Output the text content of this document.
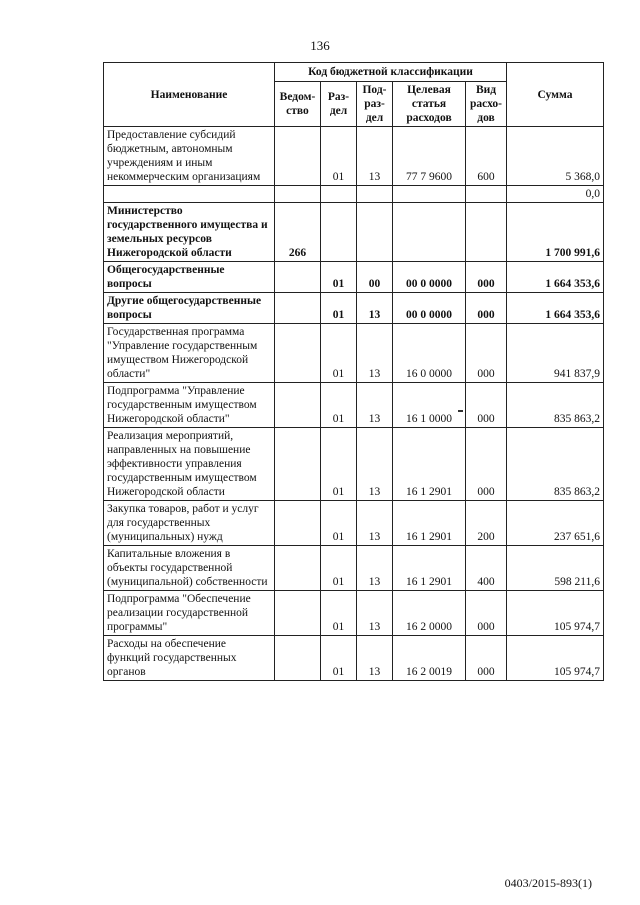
136
Наименование	Код бюджетной классификации					Сумма
	Ведом-ство	Раз-дел	Под-раз-дел	Целевая статья расходов	Вид расхо-дов	
Предоставление субсидий бюджетным, автономным учреждениям и иным некоммерческим организациям		01	13	77 7 9600	600	5 368,0
						0,0
Министерство государственного имущества и земельных ресурсов Нижегородской области	266					1 700 991,6
Общегосударственные вопросы		01	00	00 0 0000	000	1 664 353,6
Другие общегосударственные вопросы		01	13	00 0 0000	000	1 664 353,6
Государственная программа "Управление государственным имуществом Нижегородской области"		01	13	16 0 0000	000	941 837,9
Подпрограмма "Управление государственным имуществом Нижегородской области"		01	13	16 1 0000	000	835 863,2
Реализация мероприятий, направленных на повышение эффективности управления государственным имуществом Нижегородской области		01	13	16 1 2901	000	835 863,2
Закупка товаров, работ и услуг для государственных (муниципальных) нужд		01	13	16 1 2901	200	237 651,6
Капитальные вложения в объекты государственной (муниципальной) собственности		01	13	16 1 2901	400	598 211,6
Подпрограмма "Обеспечение реализации государственной программы"		01	13	16 2 0000	000	105 974,7
Расходы на обеспечение функций государственных органов		01	13	16 2 0019	000	105 974,7
0403/2015-893(1)
